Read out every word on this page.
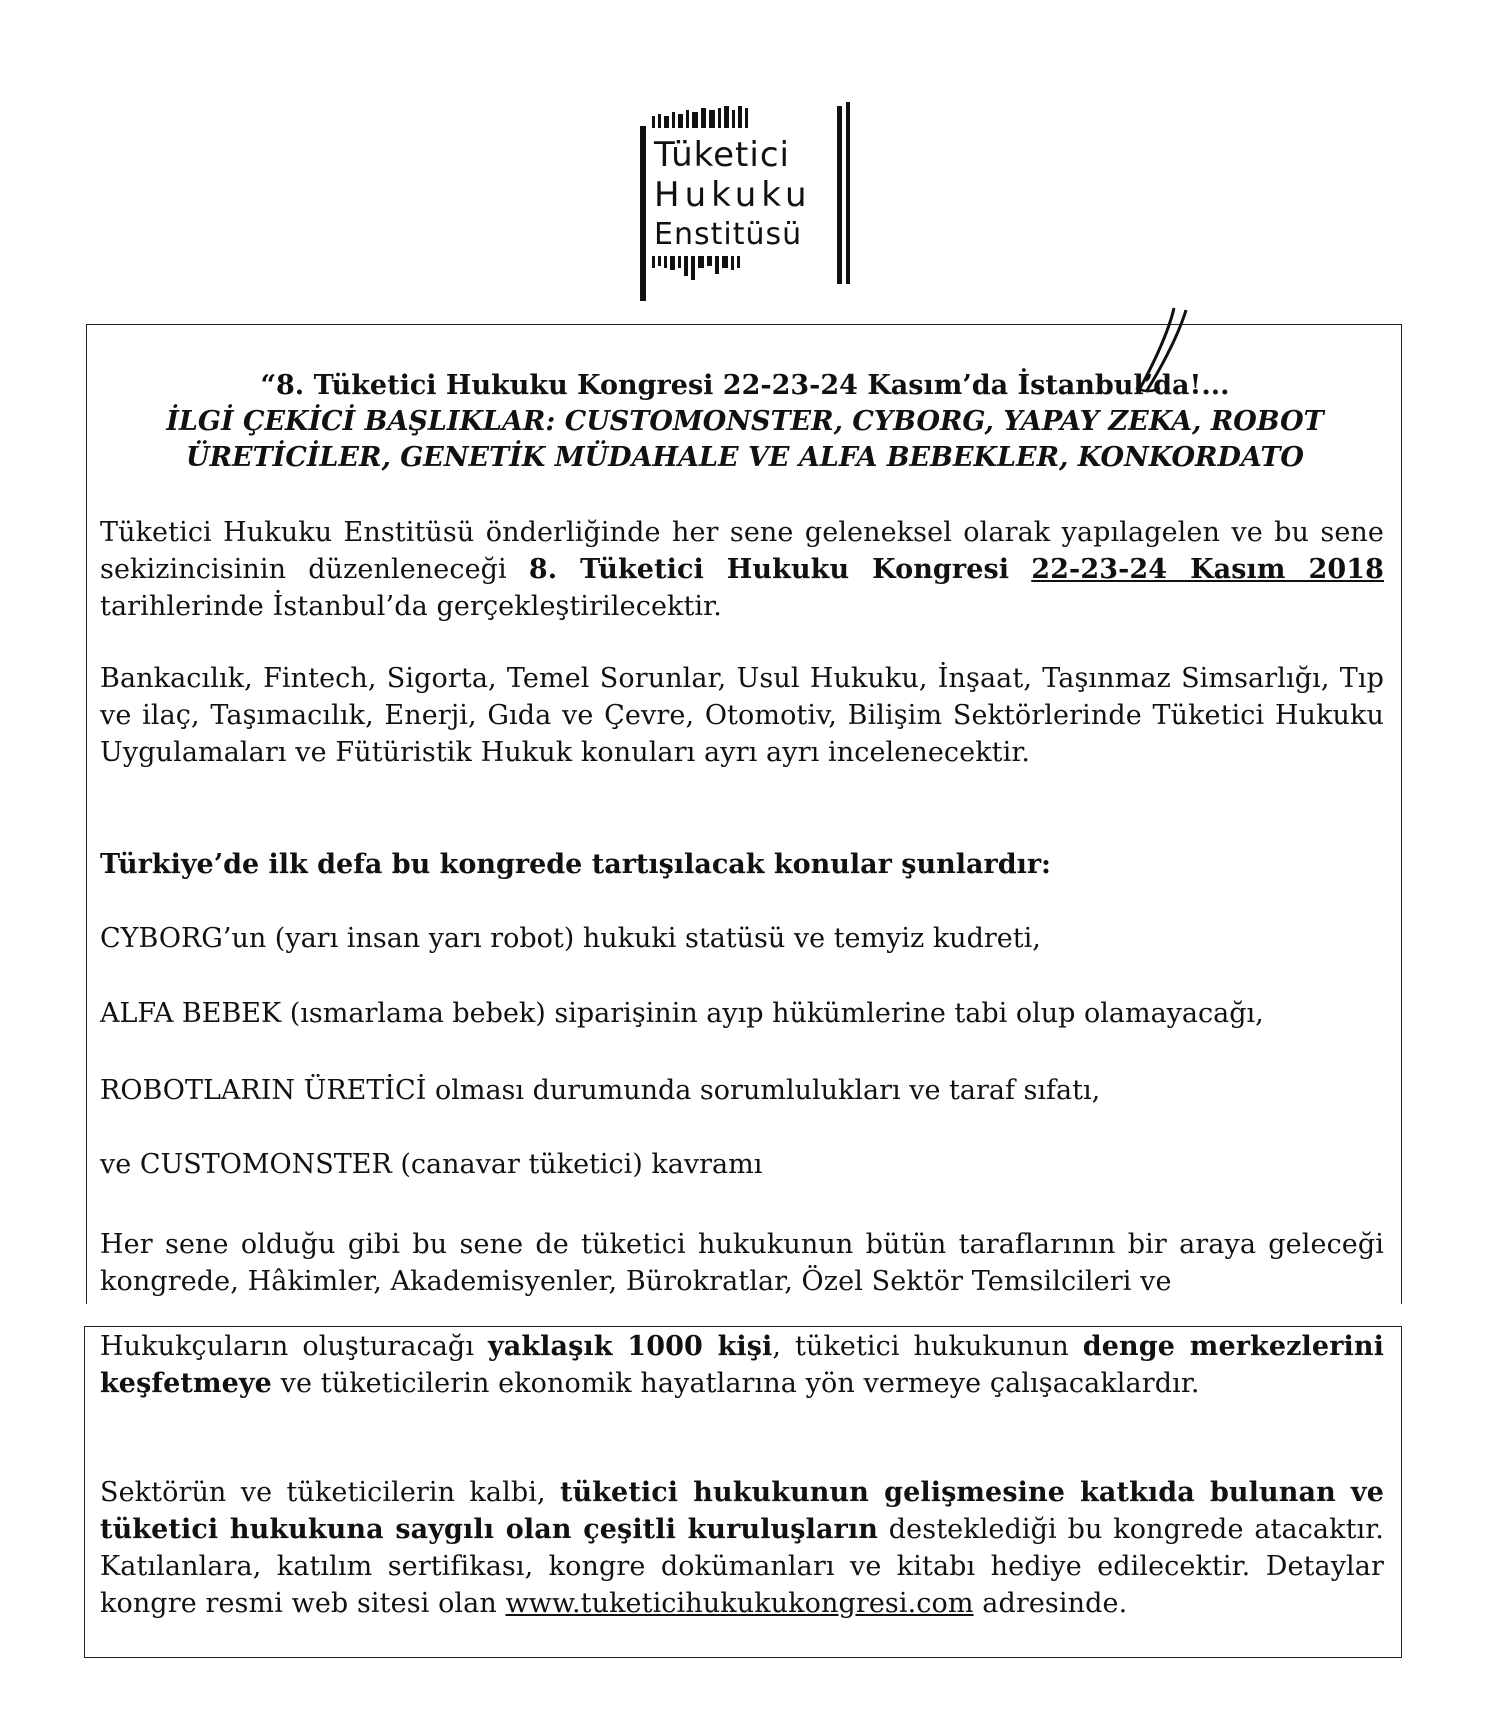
Tüketici
Hukuku
Enstitüsü
“8. Tüketici Hukuku Kongresi 22-23-24 Kasım’da İstanbul’da!...
İLGİ ÇEKİCİ BAŞLIKLAR: CUSTOMONSTER, CYBORG, YAPAY ZEKA, ROBOT
ÜRETİCİLER, GENETİK MÜDAHALE VE ALFA BEBEKLER, KONKORDATO
Tüketici Hukuku Enstitüsü önderliğinde her sene geleneksel olarak yapılagelen ve bu sene sekizincisinin düzenleneceği 8. Tüketici Hukuku Kongresi 22-23-24 Kasım 2018 tarihlerinde İstanbul’da gerçekleştirilecektir.
Bankacılık, Fintech, Sigorta, Temel Sorunlar, Usul Hukuku, İnşaat, Taşınmaz Simsarlığı, Tıp ve ilaç, Taşımacılık, Enerji, Gıda ve Çevre, Otomotiv, Bilişim Sektörlerinde Tüketici Hukuku Uygulamaları ve Fütüristik Hukuk konuları ayrı ayrı incelenecektir.
Türkiye’de ilk defa bu kongrede tartışılacak konular şunlardır:
CYBORG’un (yarı insan yarı robot) hukuki statüsü ve temyiz kudreti,
ALFA BEBEK (ısmarlama bebek) siparişinin ayıp hükümlerine tabi olup olamayacağı,
ROBOTLARIN ÜRETİCİ olması durumunda sorumlulukları ve taraf sıfatı,
ve CUSTOMONSTER (canavar tüketici) kavramı
Her sene olduğu gibi bu sene de tüketici hukukunun bütün taraflarının bir araya geleceği kongrede, Hâkimler, Akademisyenler, Bürokratlar, Özel Sektör Temsilcileri ve
Hukukçuların oluşturacağı yaklaşık 1000 kişi, tüketici hukukunun denge merkezlerini keşfetmeye ve tüketicilerin ekonomik hayatlarına yön vermeye çalışacaklardır.
Sektörün ve tüketicilerin kalbi, tüketici hukukunun gelişmesine katkıda bulunan ve tüketici hukukuna saygılı olan çeşitli kuruluşların desteklediği bu kongrede atacaktır. Katılanlara, katılım sertifikası, kongre dokümanları ve kitabı hediye edilecektir. Detaylar kongre resmi web sitesi olan www.tuketicihukukukongresi.com adresinde.
